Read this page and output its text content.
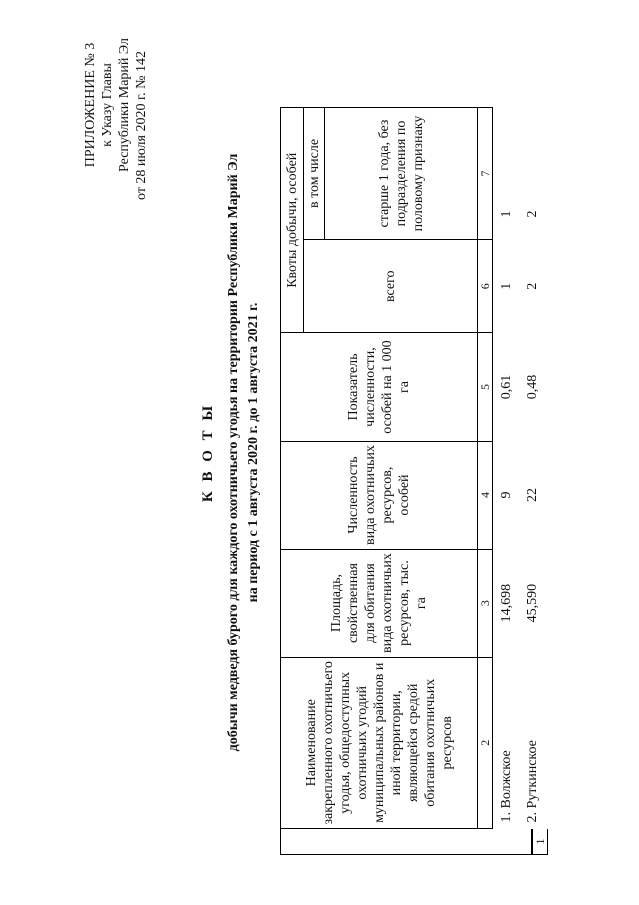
ПРИЛОЖЕНИЕ № 3 к Указу Главы Республики Марий Эл от 28 июля 2020 г. № 142
К В О Т Ы добычи медведя бурого для каждого охотничьего угодья на территории Республики Марий Эл на период с 1 августа 2020 г. до 1 августа 2021 г.
Наименование закрепленного охотничьего угодья, общедоступных охотничьих угодий муниципальных районов и иной территории, являющейся средой обитания охотничьих ресурсов	Площадь, свойственная для обитания вида охотничьих ресурсов, тыс. га	Численность вида охотничьих ресурсов, особей	Показатель численности, особей на 1 000 га	Квоты добычи, особей	
				всего	в том числе
					старше 1 года, без подразделения по половому признаку
2	3	4	5	6	7
1. Волжское	14,698	9	0,61	1	1
2. Руткинское	45,590	22	0,48	2	2
1
